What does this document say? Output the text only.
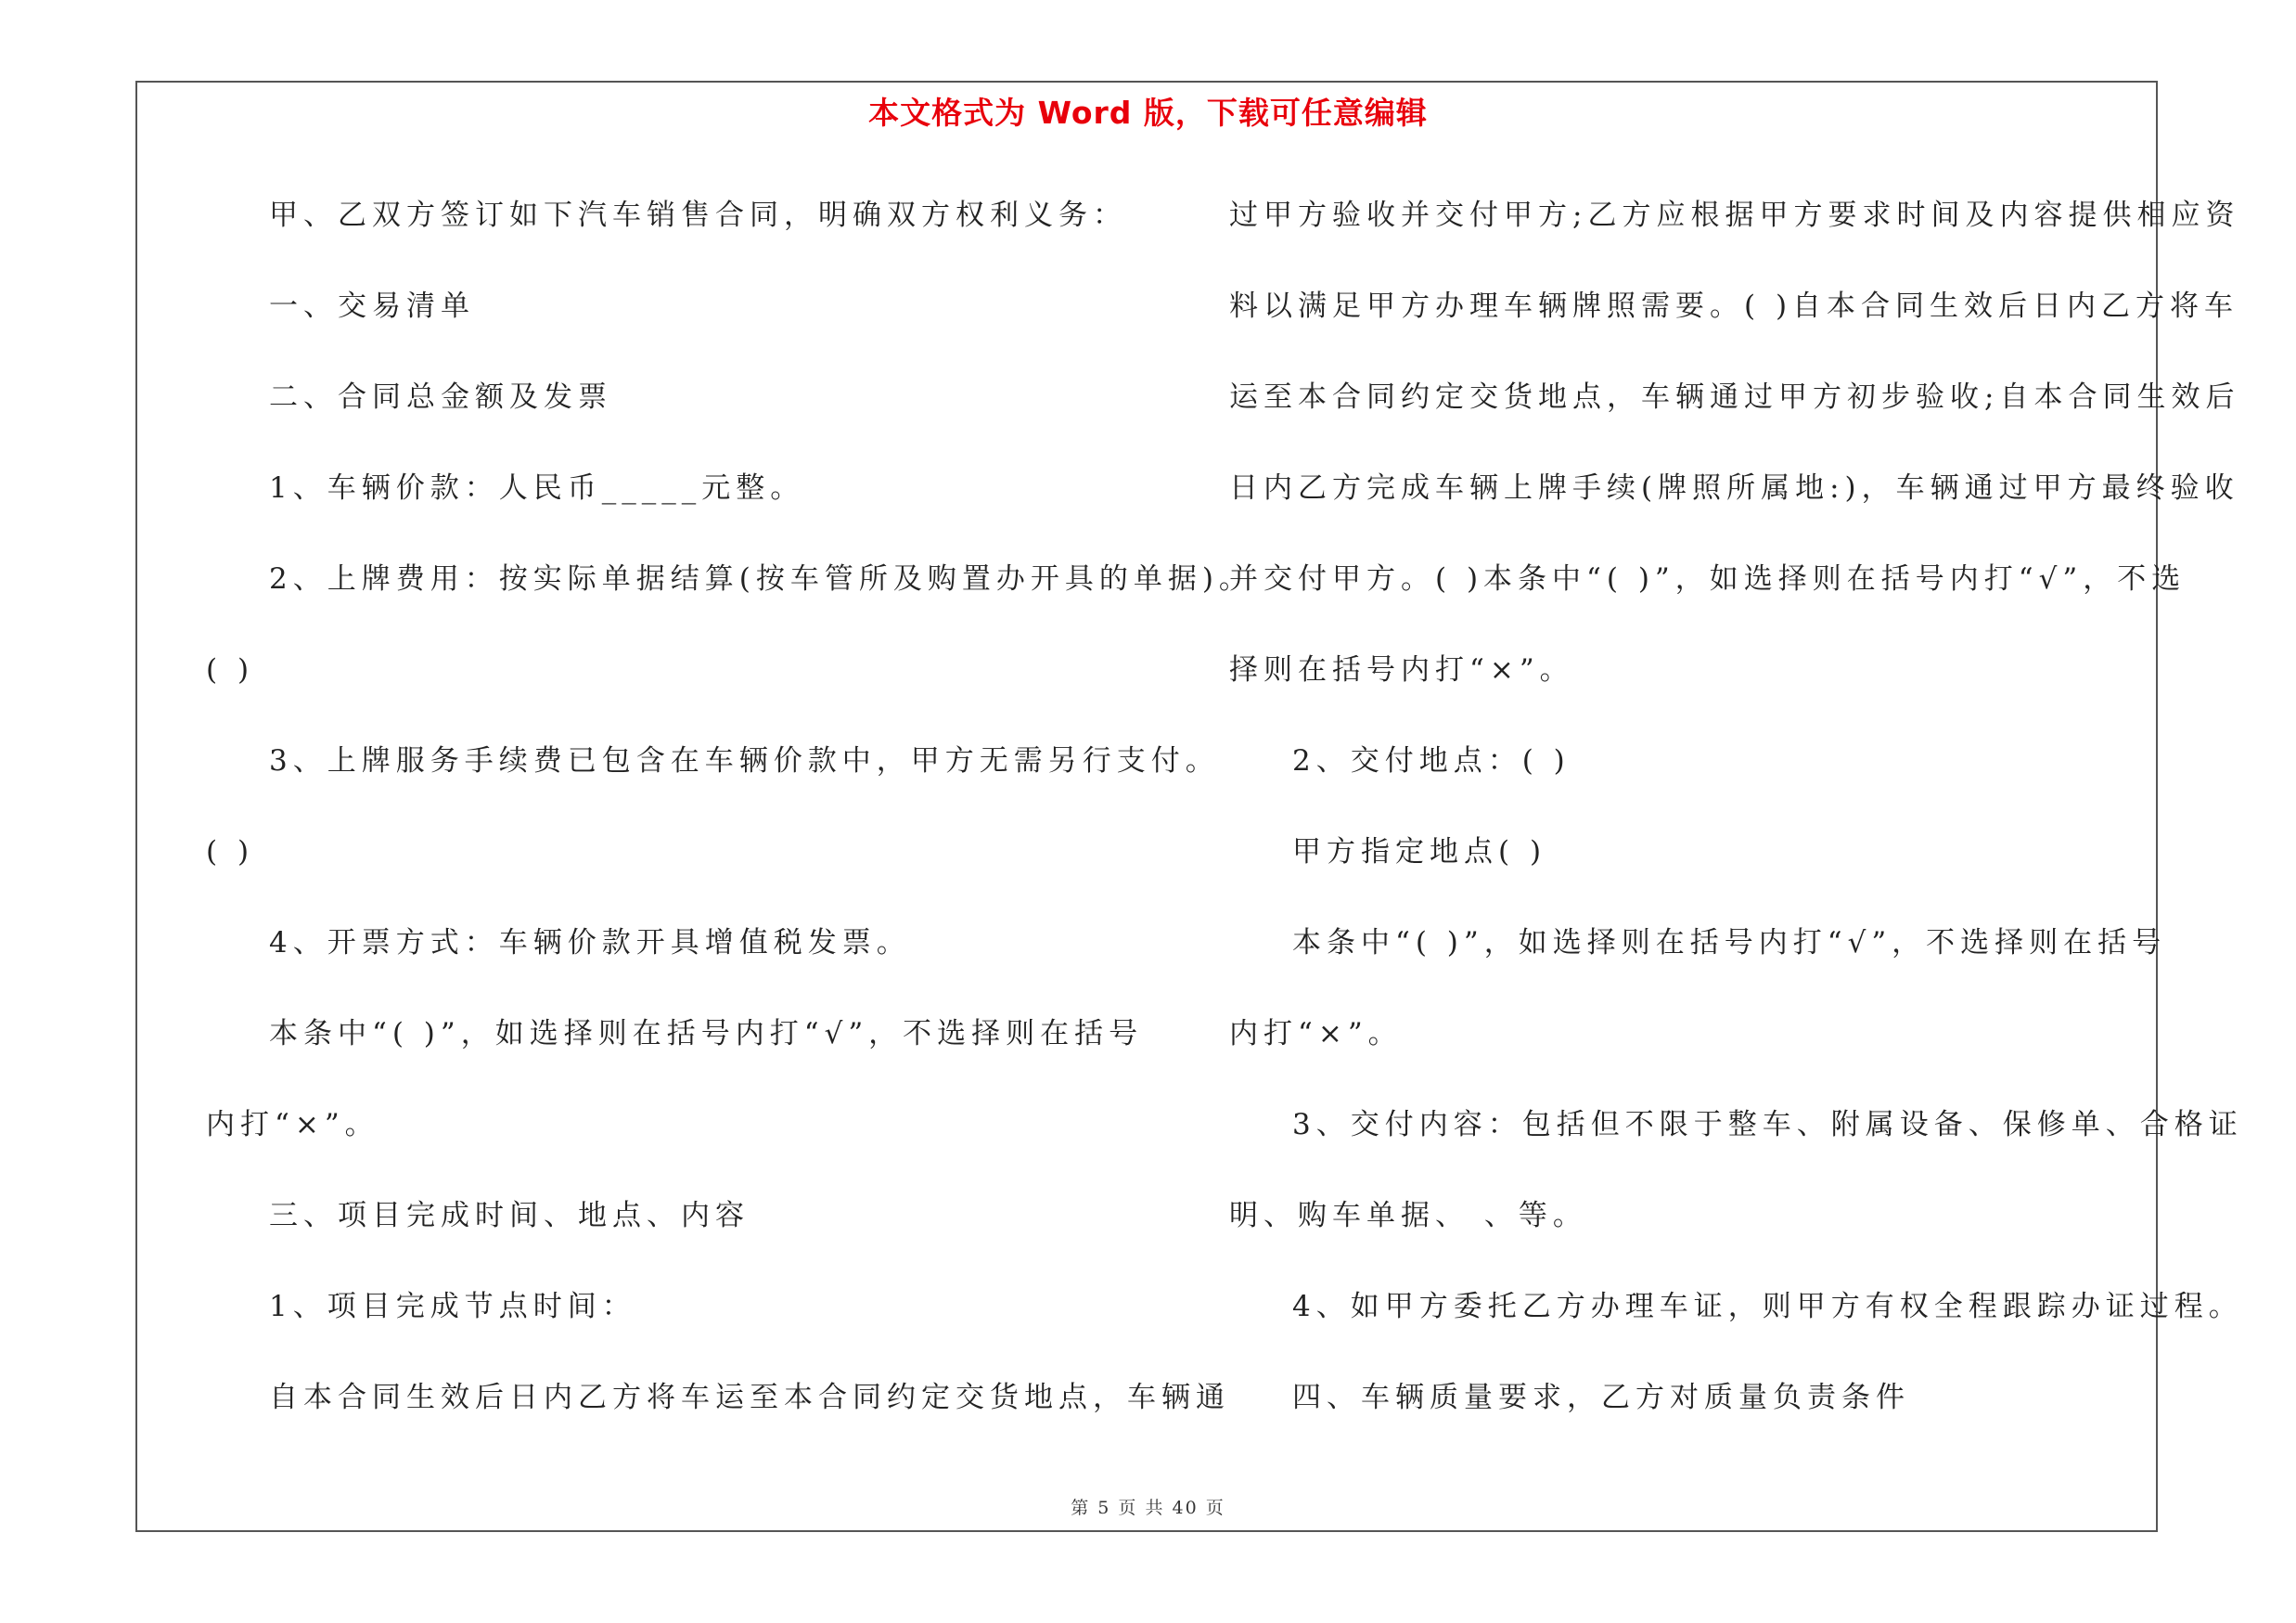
本文格式为 Word 版，下载可任意编辑
甲、乙双方签订如下汽车销售合同，明确双方权利义务：
一、交易清单
二、合同总金额及发票
1、车辆价款：人民币_____元整。
2、上牌费用：按实际单据结算(按车管所及购置办开具的单据)。
( )
3、上牌服务手续费已包含在车辆价款中，甲方无需另行支付。
( )
4、开票方式：车辆价款开具增值税发票。
本条中“( )”，如选择则在括号内打“√”，不选择则在括号
内打“×”。
三、项目完成时间、地点、内容
1、项目完成节点时间：
自本合同生效后日内乙方将车运至本合同约定交货地点，车辆通
过甲方验收并交付甲方;乙方应根据甲方要求时间及内容提供相应资
料以满足甲方办理车辆牌照需要。( )自本合同生效后日内乙方将车
运至本合同约定交货地点，车辆通过甲方初步验收;自本合同生效后
日内乙方完成车辆上牌手续(牌照所属地:)，车辆通过甲方最终验收
并交付甲方。( )本条中“( )”，如选择则在括号内打“√”，不选
择则在括号内打“×”。
2、交付地点：( )
甲方指定地点( )
本条中“( )”，如选择则在括号内打“√”，不选择则在括号
内打“×”。
3、交付内容：包括但不限于整车、附属设备、保修单、合格证
明、购车单据、 、等。
4、如甲方委托乙方办理车证，则甲方有权全程跟踪办证过程。
四、车辆质量要求，乙方对质量负责条件
第 5 页 共 40 页
